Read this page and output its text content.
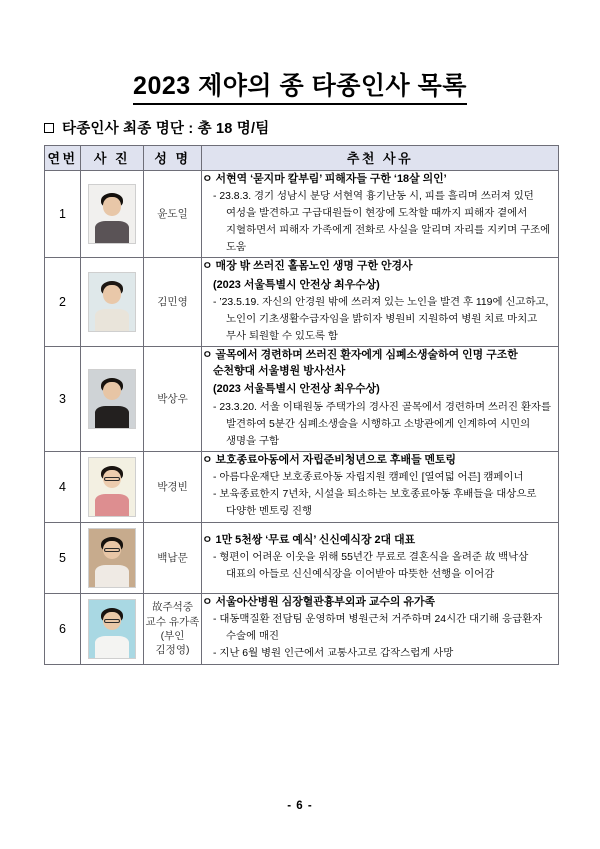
2023 제야의 종 타종인사 목록
타종인사 최종 명단 : 총 18 명/팀
연번	사 진	성 명	추천 사유
1		윤도일	ㅇ 서현역 ‘묻지마 칼부림’ 피해자들 구한 ‘18살 의인’

- 23.8.3. 경기 성남시 분당 서현역 흉기난동 시, 피를 흘리며 쓰러져 있던 여성을 발견하고 구급대원들이 현장에 도착할 때까지 피해자 곁에서 지혈하면서 피해자 가족에게 전화로 사실을 알리며 자리를 지키며 구조에 도움

2		김민영	ㅇ 매장 밖 쓰러진 홀몸노인 생명 구한 안경사

(2023 서울특별시 안전상 최우수상)

- ’23.5.19. 자신의 안경원 밖에 쓰러져 있는 노인을 발견 후 119에 신고하고, 노인이 기초생활수급자임을 밝히자 병원비 지원하여 병원 치료 마치고 무사 퇴원할 수 있도록 함

3		박상우	ㅇ 골목에서 경련하며 쓰러진 환자에게 심폐소생술하여 인명 구조한 순천향대 서울병원 방사선사

(2023 서울특별시 안전상 최우수상)

- 23.3.20. 서울 이태원동 주택가의 경사진 골목에서 경련하며 쓰러진 환자를 발견하여 5분간 심폐소생술을 시행하고 소방관에게 인계하여 시민의 생명을 구함

4		박경빈	ㅇ 보호종료아동에서 자립준비청년으로 후배들 멘토링

- 아름다운재단 보호종료아동 자립지원 캠페인 [열여덟 어른] 캠페이너

- 보육종료한지 7년차, 시설을 퇴소하는 보호종료아동 후배들을 대상으로 다양한 멘토링 진행

5		백남문	ㅇ 1만 5천쌍 ‘무료 예식’ 신신예식장 2대 대표

- 형편이 어려운 이웃을 위해 55년간 무료로 결혼식을 올려준 故 백낙삼 대표의 아들로 신신예식장을 이어받아 따뜻한 선행을 이어감

6		故주석중 교수 유가족 (부인 김정영)	ㅇ 서울아산병원 심장혈관흉부외과 교수의 유가족

- 대동맥질환 전담팀 운영하며 병원근처 거주하며 24시간 대기해 응급환자 수술에 매진

- 지난 6월 병원 인근에서 교통사고로 갑작스럽게 사망

- 6 -
